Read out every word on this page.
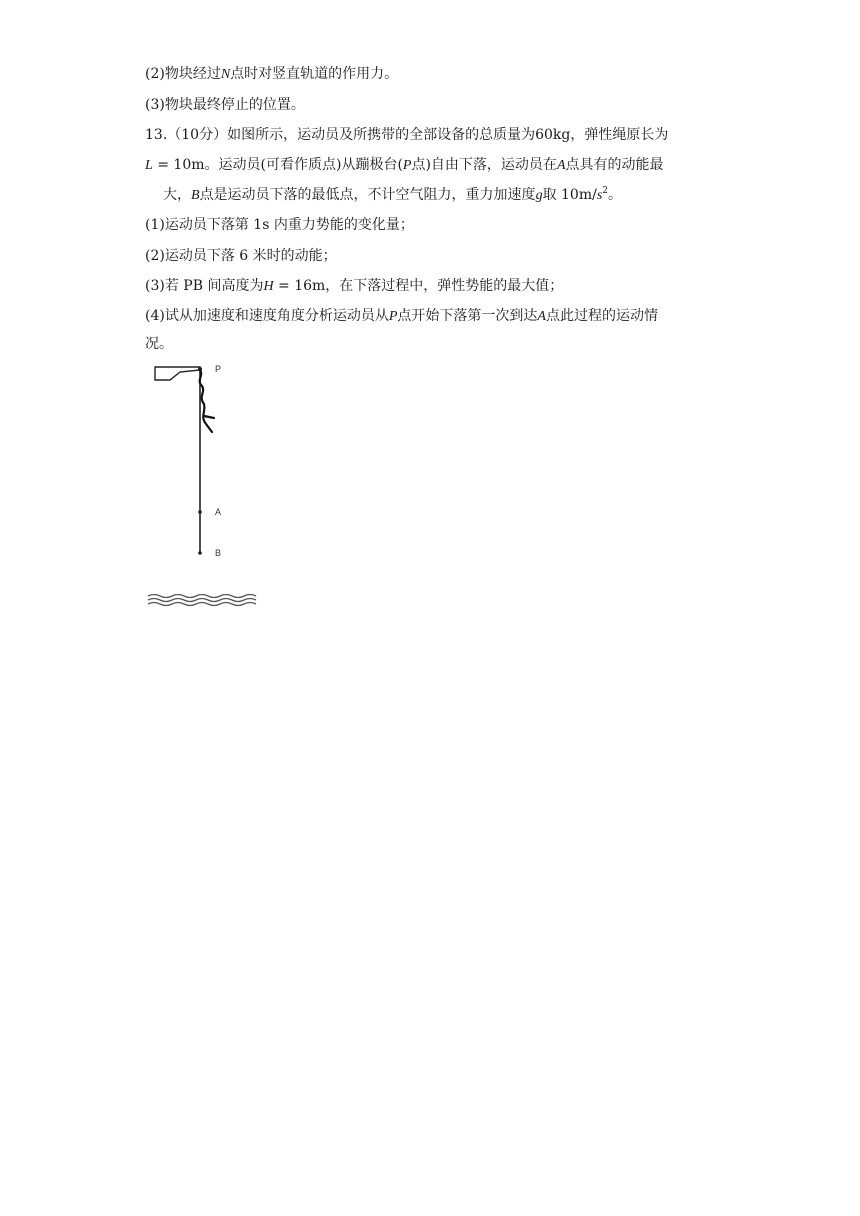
(2)物块经过N点时对竖直轨道的作用力。
(3)物块最终停止的位置。
13.（10分）如图所示，运动员及所携带的全部设备的总质量为60kg，弹性绳原长为
L = 10m。运动员(可看作质点)从蹦极台(P点)自由下落，运动员在A点具有的动能最
大，B点是运动员下落的最低点，不计空气阻力，重力加速度g取 $10m/s^2$。
(1)运动员下落第 1s 内重力势能的变化量；
(2)运动员下落 6 米时的动能；
(3)若 PB 间高度为H = 16m，在下落过程中，弹性势能的最大值；
(4)试从加速度和速度角度分析运动员从P点开始下落第一次到达A点此过程的运动情
况。
P
A
B
